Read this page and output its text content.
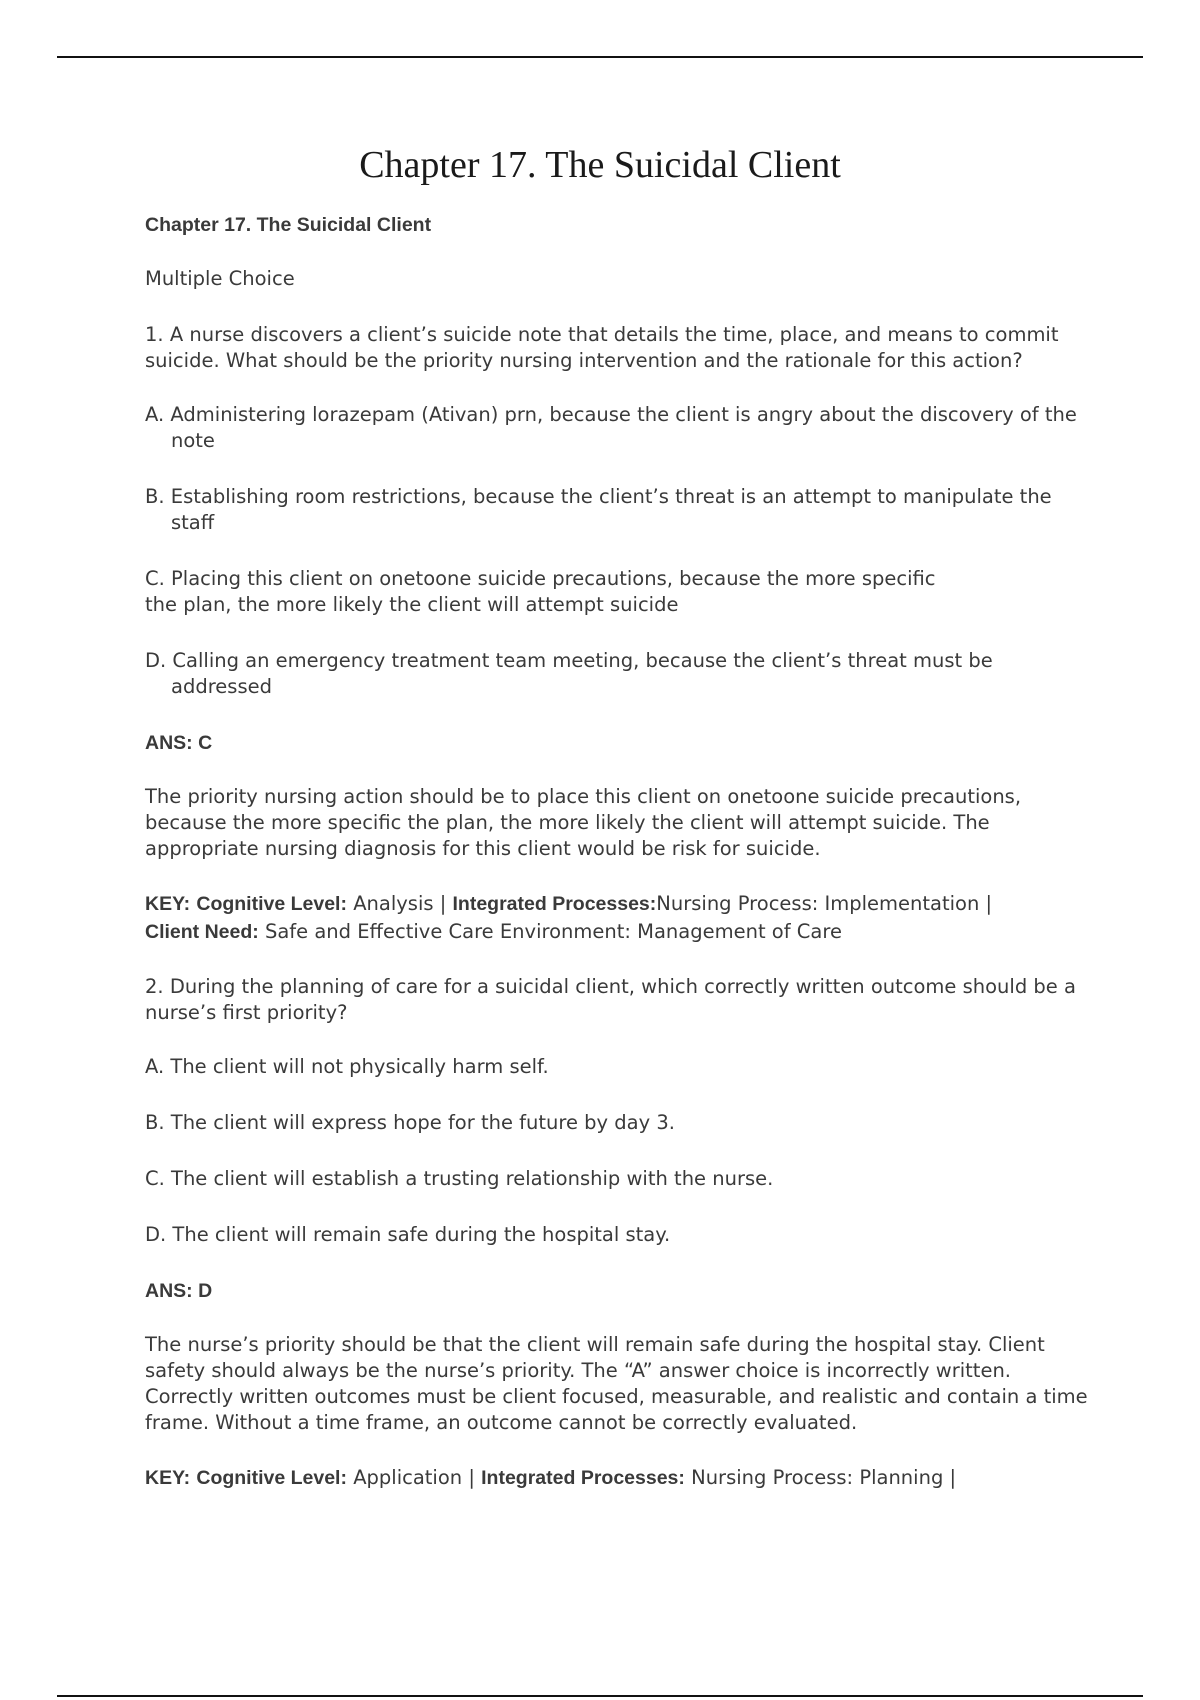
Chapter 17. The Suicidal Client

Chapter 17. The Suicidal Client

Multiple Choice

1. A nurse discovers a client’s suicide note that details the time, place, and means to commit suicide. What should be the priority nursing intervention and the rationale for this action?

A. Administering lorazepam (Ativan) prn, because the client is angry about the discovery of the note

B. Establishing room restrictions, because the client’s threat is an attempt to manipulate the staff

C. Placing this client on onetoone suicide precautions, because the more specific the plan, the more likely the client will attempt suicide

D. Calling an emergency treatment team meeting, because the client’s threat must be addressed

ANS: C

The priority nursing action should be to place this client on onetoone suicide precautions, because the more specific the plan, the more likely the client will attempt suicide. The appropriate nursing diagnosis for this client would be risk for suicide.

KEY: Cognitive Level: Analysis | Integrated Processes:Nursing Process: Implementation |
Client Need: Safe and Effective Care Environment: Management of Care

2. During the planning of care for a suicidal client, which correctly written outcome should be a nurse’s first priority?

A. The client will not physically harm self.

B. The client will express hope for the future by day 3.

C. The client will establish a trusting relationship with the nurse.

D. The client will remain safe during the hospital stay.

ANS: D

The nurse’s priority should be that the client will remain safe during the hospital stay. Client safety should always be the nurse’s priority. The “A” answer choice is incorrectly written. Correctly written outcomes must be client focused, measurable, and realistic and contain a time frame. Without a time frame, an outcome cannot be correctly evaluated.

KEY: Cognitive Level: Application | Integrated Processes: Nursing Process: Planning |
